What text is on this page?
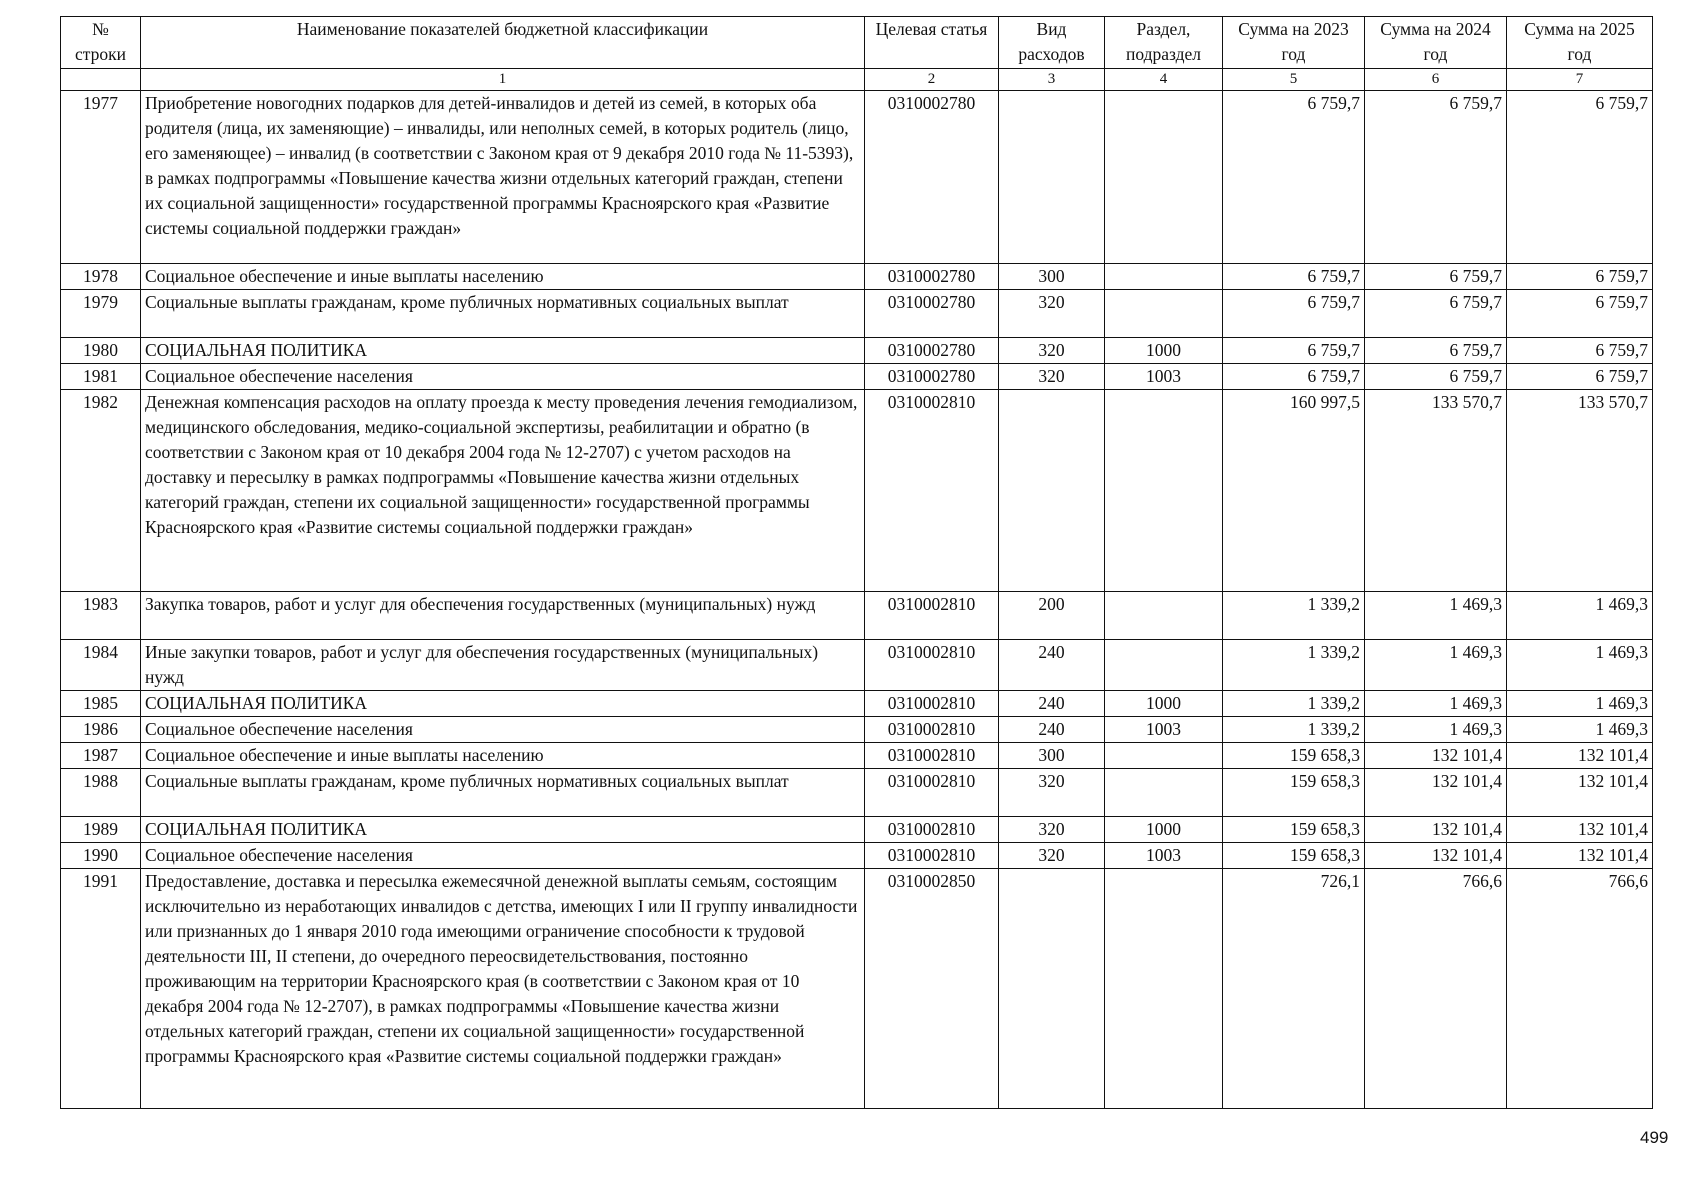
№ строки	Наименование показателей бюджетной классификации	Целевая статья	Вид расходов	Раздел, подраздел	Сумма на 2023 год	Сумма на 2024 год	Сумма на 2025 год
	1	2	3	4	5	6	7
1977	Приобретение новогодних подарков для детей-инвалидов и детей из семей, в которых оба родителя (лица, их заменяющие) – инвалиды, или неполных семей, в которых родитель (лицо, его заменяющее) – инвалид (в соответствии с Законом края от 9 декабря 2010 года № 11-5393), в рамках подпрограммы «Повышение качества жизни отдельных категорий граждан, степени их социальной защищенности» государственной программы Красноярского края «Развитие системы социальной поддержки граждан»	0310002780			6 759,7	6 759,7	6 759,7
1978	Социальное обеспечение и иные выплаты населению	0310002780	300		6 759,7	6 759,7	6 759,7
1979	Социальные выплаты гражданам, кроме публичных нормативных социальных выплат	0310002780	320		6 759,7	6 759,7	6 759,7
1980	СОЦИАЛЬНАЯ ПОЛИТИКА	0310002780	320	1000	6 759,7	6 759,7	6 759,7
1981	Социальное обеспечение населения	0310002780	320	1003	6 759,7	6 759,7	6 759,7
1982	Денежная компенсация расходов на оплату проезда к месту проведения лечения гемодиализом, медицинского обследования, медико-социальной экспертизы, реабилитации и обратно (в соответствии с Законом края от 10 декабря 2004 года № 12-2707) с учетом расходов на доставку и пересылку в рамках подпрограммы «Повышение качества жизни отдельных категорий граждан, степени их социальной защищенности» государственной программы Красноярского края «Развитие системы социальной поддержки граждан»	0310002810			160 997,5	133 570,7	133 570,7
1983	Закупка товаров, работ и услуг для обеспечения государственных (муниципальных) нужд	0310002810	200		1 339,2	1 469,3	1 469,3
1984	Иные закупки товаров, работ и услуг для обеспечения государственных (муниципальных) нужд	0310002810	240		1 339,2	1 469,3	1 469,3
1985	СОЦИАЛЬНАЯ ПОЛИТИКА	0310002810	240	1000	1 339,2	1 469,3	1 469,3
1986	Социальное обеспечение населения	0310002810	240	1003	1 339,2	1 469,3	1 469,3
1987	Социальное обеспечение и иные выплаты населению	0310002810	300		159 658,3	132 101,4	132 101,4
1988	Социальные выплаты гражданам, кроме публичных нормативных социальных выплат	0310002810	320		159 658,3	132 101,4	132 101,4
1989	СОЦИАЛЬНАЯ ПОЛИТИКА	0310002810	320	1000	159 658,3	132 101,4	132 101,4
1990	Социальное обеспечение населения	0310002810	320	1003	159 658,3	132 101,4	132 101,4
1991	Предоставление, доставка и пересылка ежемесячной денежной выплаты семьям, состоящим исключительно из неработающих инвалидов с детства, имеющих I или II группу инвалидности или признанных до 1 января 2010 года имеющими ограничение способности к трудовой деятельности III, II степени, до очередного переосвидетельствования, постоянно проживающим на территории Красноярского края (в соответствии с Законом края от 10 декабря 2004 года № 12-2707), в рамках подпрограммы «Повышение качества жизни отдельных категорий граждан, степени их социальной защищенности» государственной программы Красноярского края «Развитие системы социальной поддержки граждан»	0310002850			726,1	766,6	766,6
499
